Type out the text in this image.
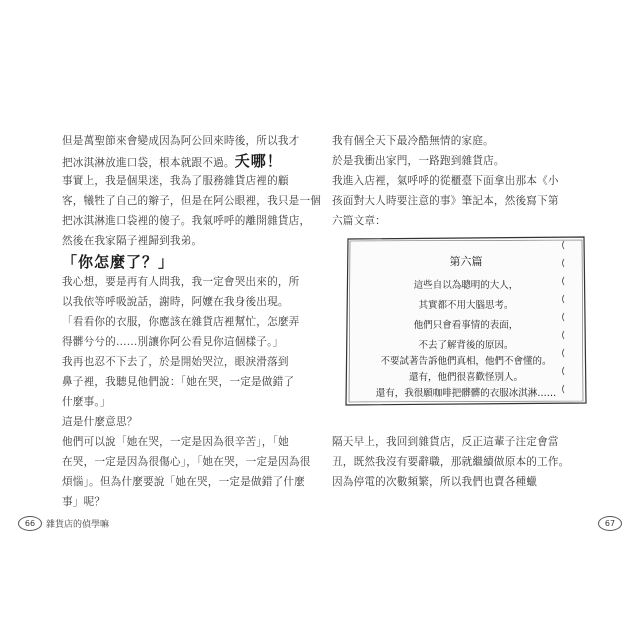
但是萬聖節來會變成因為阿公回來時後，所以我才

把冰淇淋放進口袋，根本就跟不過。夭哪！

事實上，我是個果迷，我為了服務雜貨店裡的顧

客，犧牲了自己的辮子，但是在阿公眼裡，我只是一個

把冰淇淋進口袋裡的傻子。我氣呼呼的離開雜貨店，

然後在我家隔子裡歸到我弟。

「你怎麼了？」

我心想，要是再有人問我，我一定會哭出來的，所

以我依等呼吸說話，謝時，阿嬤在我身後出現。

「看看你的衣服，你應該在雜貨店裡幫忙，怎麼弄

得髒兮兮的……別讓你阿公看見你這個樣子。」

我再也忍不下去了，於是開始哭泣，眼淚滑落到

鼻子裡，我聽見他們說：「她在哭，一定是做錯了

什麼事。」

這是什麼意思？

他們可以說「她在哭，一定是因為很辛苦」，「她

在哭，一定是因為很傷心」，「她在哭，一定是因為很

煩惱」。但為什麼要說「她在哭，一定是做錯了什麼

事」呢？

66	雜貨店的偵學嘛

我有個全天下最冷酷無情的家庭。

於是我衝出家門，一路跑到雜貨店。

我進入店裡，氣呼呼的從櫃臺下面拿出那本《小

孩面對大人時要注意的事》筆記本，然後寫下第

六篇文章：

第六篇
這些自以為聰明的大人，
其實都不用大腦思考。
他們只會看事情的表面，
不去了解背後的原因。
不要試著告訴他們真相，他們不會懂的。
還有，他們很喜歡怪別人。
還有，我很願咖啡把髒髒的衣服冰淇淋……

隔天早上，我回到雜貨店，反正這輩子注定會當

丑，既然我沒有要辭職，那就繼續做原本的工作。

因為停電的次數頻繁，所以我們也賣各種蠟

67
